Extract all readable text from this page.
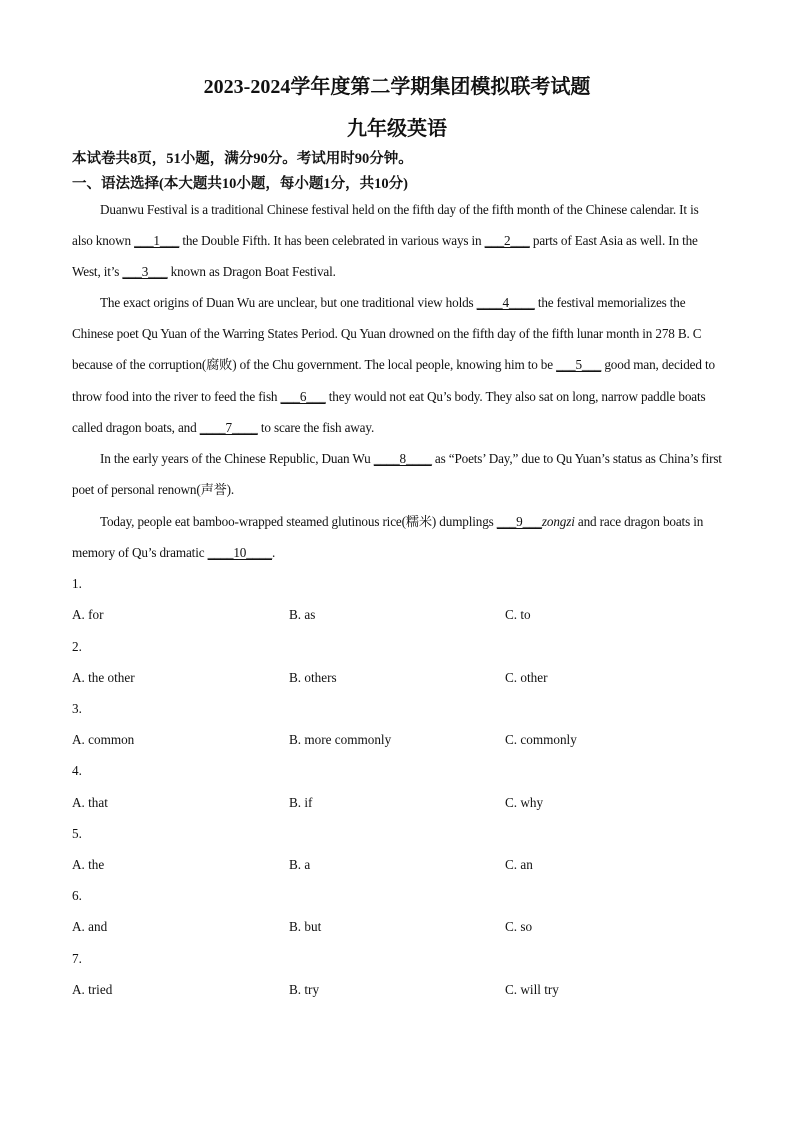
2023-2024学年度第二学期集团模拟联考试题
九年级英语
本试卷共8页，51小题，满分90分。考试用时90分钟。
一、语法选择(本大题共10小题，每小题1分，共10分)
Duanwu Festival is a traditional Chinese festival held on the fifth day of the fifth month of the Chinese calendar. It is also known ___1___ the Double Fifth. It has been celebrated in various ways in ___2___ parts of East Asia as well. In the West, it’s ___3___ known as Dragon Boat Festival.
The exact origins of Duan Wu are unclear, but one traditional view holds ____4____ the festival memorializes the Chinese poet Qu Yuan of the Warring States Period. Qu Yuan drowned on the fifth day of the fifth lunar month in 278 B. C because of the corruption(腐败) of the Chu government. The local people, knowing him to be ___5___ good man, decided to throw food into the river to feed the fish ___6___ they would not eat Qu’s body. They also sat on long, narrow paddle boats called dragon boats, and ____7____ to scare the fish away.
In the early years of the Chinese Republic, Duan Wu ____8____ as “Poets’ Day,” due to Qu Yuan’s status as China’s first poet of personal renown(声誉).
Today, people eat bamboo-wrapped steamed glutinous rice(糯米) dumplings ___9___zongzi and race dragon boats in memory of Qu’s dramatic ____10____.
1.
A. for	B. as	C. to
2.
A. the other	B. others	C. other
3.
A. common	B. more commonly	C. commonly
4.
A. that	B. if	C. why
5.
A. the	B. a	C. an
6.
A. and	B. but	C. so
7.
A. tried	B. try	C. will try
